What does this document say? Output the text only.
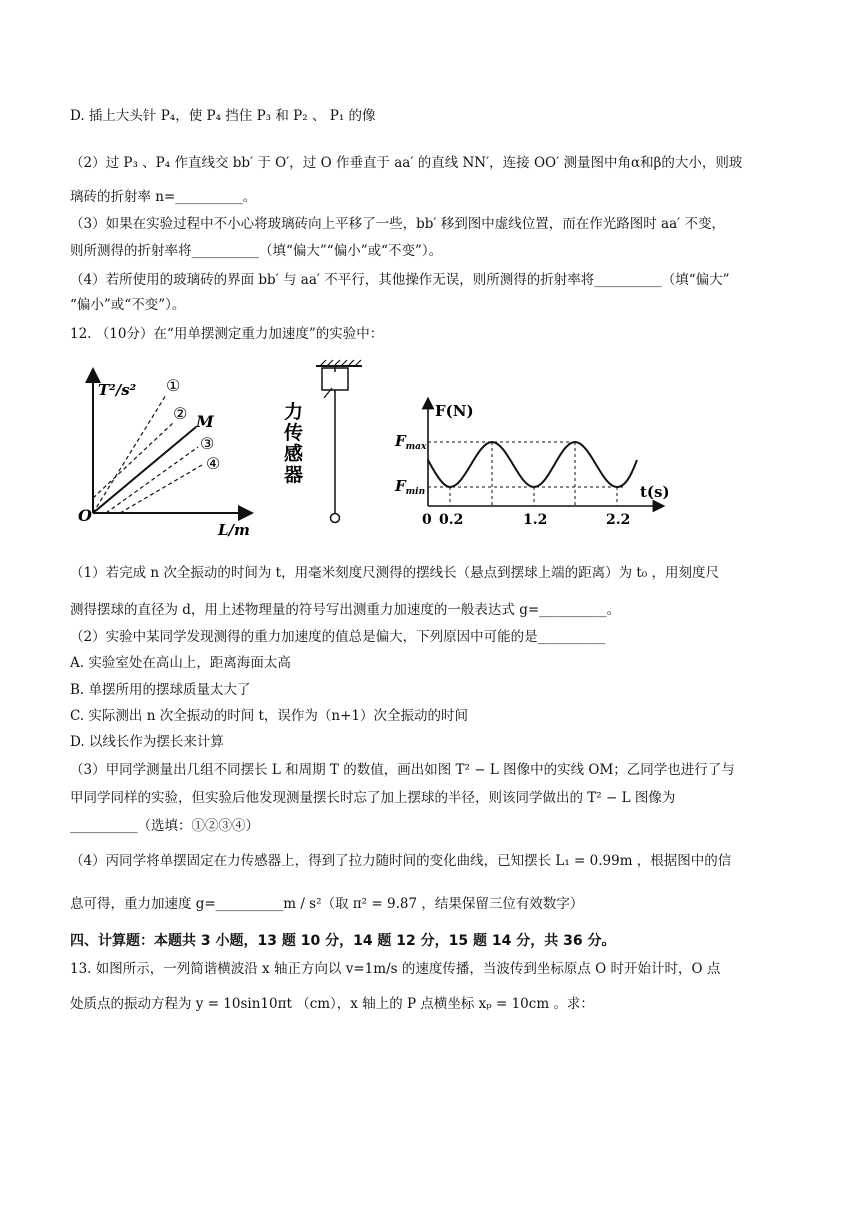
D. 插上大头针 P₄，使 P₄ 挡住 P₃ 和 P₂ 、 P₁ 的像
（2）过 P₃ 、P₄ 作直线交 bb′ 于 O′，过 O 作垂直于 aa′ 的直线 NN′，连接 OO′ 测量图中角α和β的大小，则玻
璃砖的折射率 n=__________。
（3）如果在实验过程中不小心将玻璃砖向上平移了一些，bb′ 移到图中虚线位置，而在作光路图时 aa′ 不变，
则所测得的折射率将__________（填“偏大”“偏小”或“不变”）。
（4）若所使用的玻璃砖的界面 bb′ 与 aa′ 不平行，其他操作无误，则所测得的折射率将__________（填“偏大”
“偏小”或“不变”）。
12. （10分）在“用单摆测定重力加速度”的实验中：
T²/s²
L/m
O
M
①
②
③
④
力
传
感
器
F(N)
t(s)
$F_{max}$
$F_{min}$
0 0.2	1.2	2.2
（1）若完成 n 次全振动的时间为 t，用毫米刻度尺测得的摆线长（悬点到摆球上端的距离）为 t₀ ，用刻度尺
测得摆球的直径为 d，用上述物理量的符号写出测重力加速度的一般表达式 g=__________。
（2）实验中某同学发现测得的重力加速度的值总是偏大，下列原因中可能的是__________
A. 实验室处在高山上，距离海面太高
B. 单摆所用的摆球质量太大了
C. 实际测出 n 次全振动的时间 t，误作为（n+1）次全振动的时间
D. 以线长作为摆长来计算
（3）甲同学测量出几组不同摆长 L 和周期 T 的数值，画出如图 T² − L 图像中的实线 OM；乙同学也进行了与
甲同学同样的实验，但实验后他发现测量摆长时忘了加上摆球的半径，则该同学做出的 T² − L 图像为
__________（选填：①②③④）
（4）丙同学将单摆固定在力传感器上，得到了拉力随时间的变化曲线，已知摆长 L₁ = 0.99m ，根据图中的信
息可得，重力加速度 g=__________m / s²（取 π² = 9.87 ，结果保留三位有效数字）
四、计算题：本题共 3 小题，13 题 10 分，14 题 12 分，15 题 14 分，共 36 分。
13. 如图所示，一列简谐横波沿 x 轴正方向以 v=1m/s 的速度传播，当波传到坐标原点 O 时开始计时，O 点
处质点的振动方程为 y = 10sin10πt （cm），x 轴上的 P 点横坐标 xₚ = 10cm 。求：
